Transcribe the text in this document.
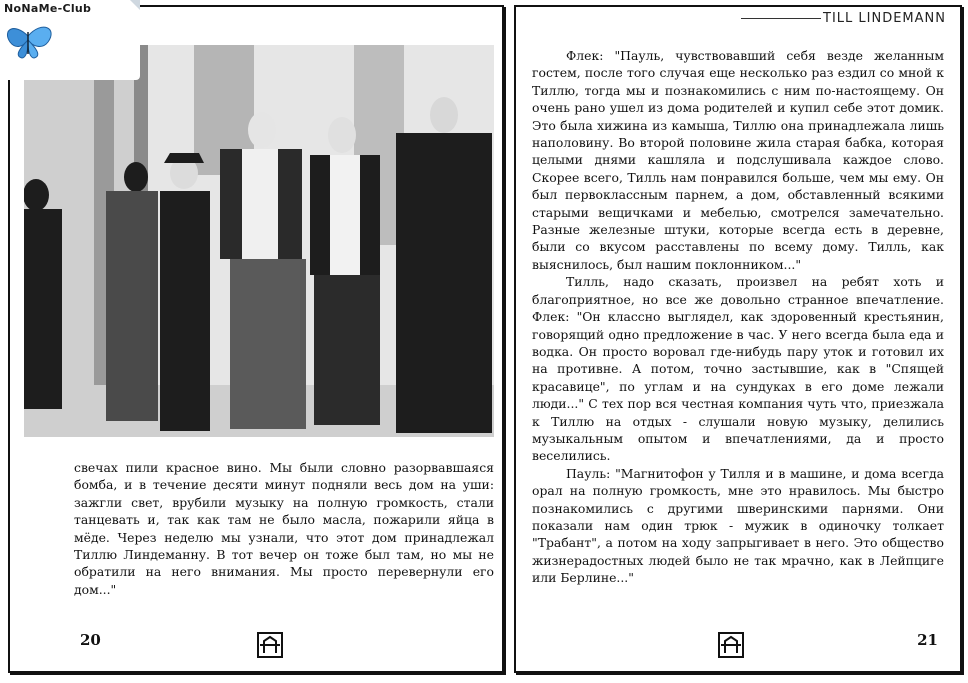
NoNaMe-Club

свечах пили красное вино. Мы были словно разорвавшаяся бомба, и в течение десяти минут подняли весь дом на уши: зажгли свет, врубили музыку на полную громкость, стали танцевать и, так как там не было масла, пожарили яйца в мёде. Через неделю мы узнали, что этот дом принадлежал Тиллю Линдеманну. В тот вечер он тоже был там, но мы не обратили на него внимания. Мы просто перевернули его дом..."

20
TILL LINDEMANN

Флек: "Пауль, чувствовавший себя везде желанным гостем, после того случая еще несколько раз ездил со мной к Тиллю, тогда мы и познакомились с ним по-настоящему. Он очень рано ушел из дома родителей и купил себе этот домик. Это была хижина из камыша, Тиллю она принадлежала лишь наполовину. Во второй половине жила старая бабка, которая целыми днями кашляла и подслушивала каждое слово. Скорее всего, Тилль нам понравился больше, чем мы ему. Он был первоклассным парнем, а дом, обставленный всякими старыми вещичками и мебелью, смотрелся замечательно. Разные железные штуки, которые всегда есть в деревне, были со вкусом расставлены по всему дому. Тилль, как выяснилось, был нашим поклонником..."

Тилль, надо сказать, произвел на ребят хоть и благоприятное, но все же довольно странное впечатление. Флек: "Он классно выглядел, как здоровенный крестьянин, говорящий одно предложение в час. У него всегда была еда и водка. Он просто воровал где-нибудь пару уток и готовил их на противне. А потом, точно застывшие, как в "Спящей красавице", по углам и на сундуках в его доме лежали люди..." С тех пор вся честная компания чуть что, приезжала к Тиллю на отдых - слушали новую музыку, делились музыкальным опытом и впечатлениями, да и просто веселились.

Пауль: "Магнитофон у Тилля и в машине, и дома всегда орал на полную громкость, мне это нравилось. Мы быстро познакомились с другими шверинскими парнями. Они показали нам один трюк - мужик в одиночку толкает "Трабант", а потом на ходу запрыгивает в него. Это общество жизнерадостных людей было не так мрачно, как в Лейпциге или Берлине..."

21
